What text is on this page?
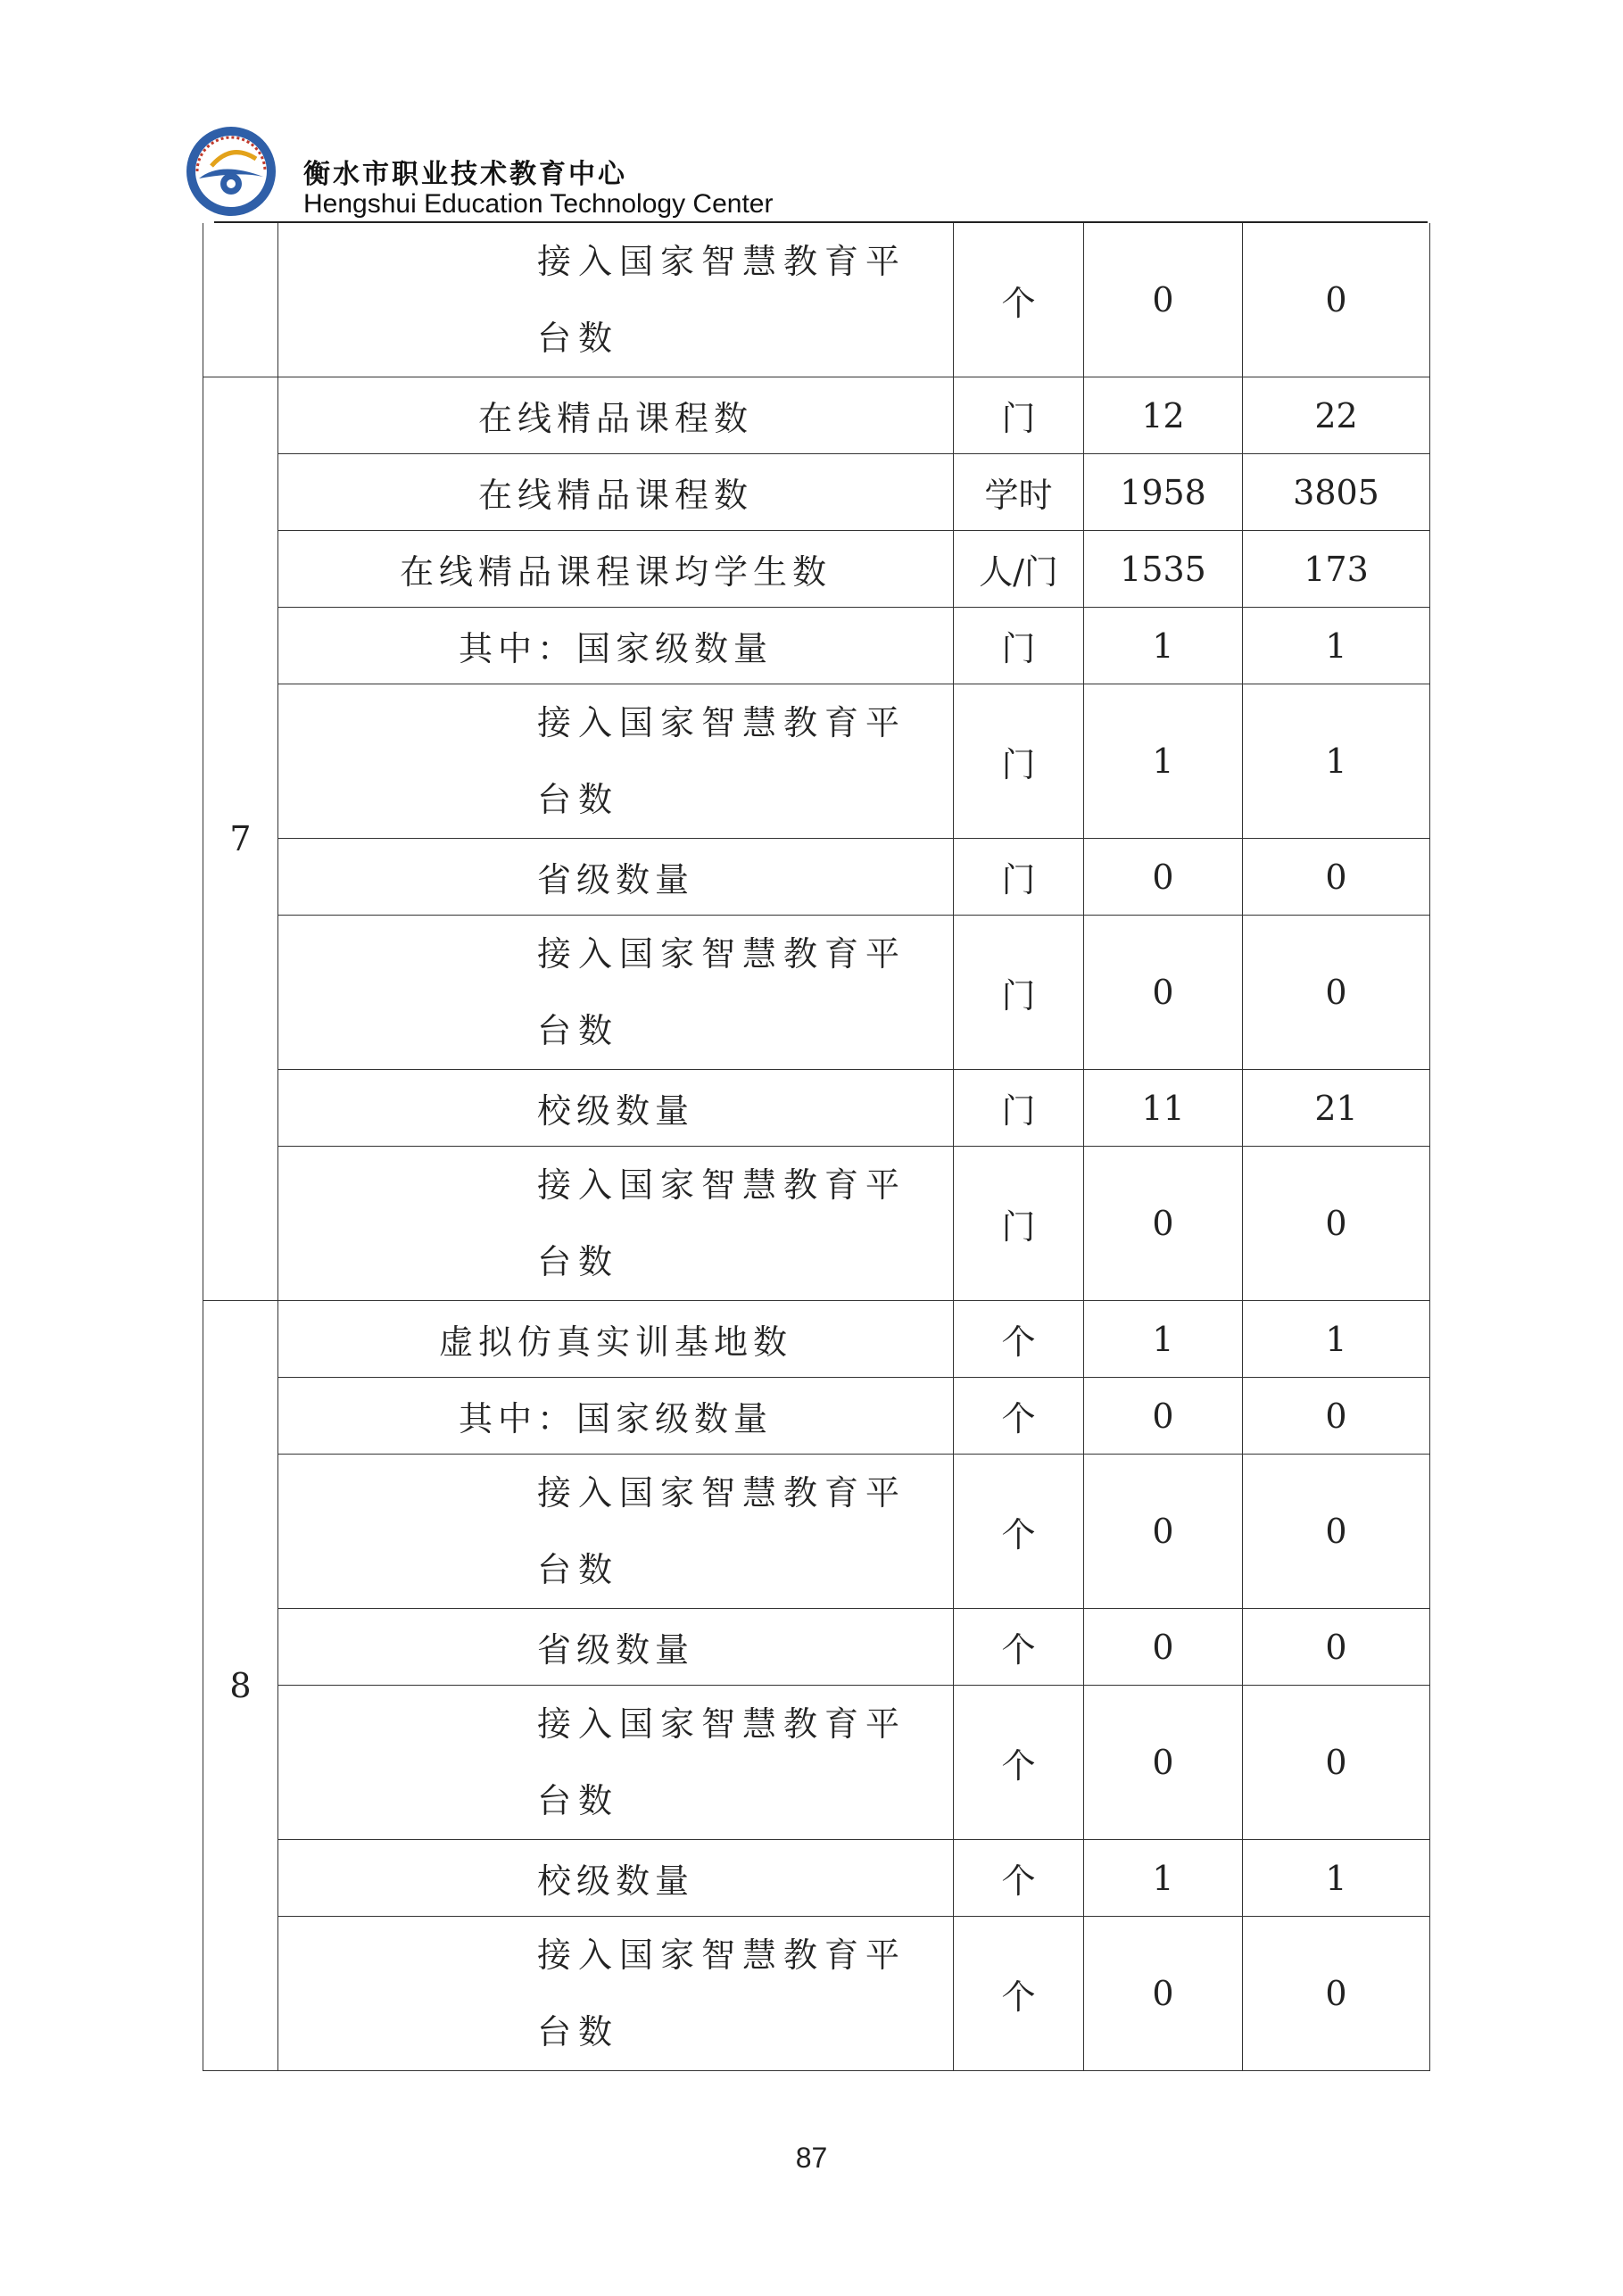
衡水市职业技术教育中心
Hengshui Education Technology Center
	接入国家智慧教育平台数	个	0	0
7	在线精品课程数	门	12	22
	在线精品课程数	学时	1958	3805
	在线精品课程课均学生数	人/门	1535	173
	其中：国家级数量	门	1	1
	接入国家智慧教育平台数	门	1	1
	省级数量	门	0	0
	接入国家智慧教育平台数	门	0	0
	校级数量	门	11	21
	接入国家智慧教育平台数	门	0	0
8	虚拟仿真实训基地数	个	1	1
	其中：国家级数量	个	0	0
	接入国家智慧教育平台数	个	0	0
	省级数量	个	0	0
	接入国家智慧教育平台数	个	0	0
	校级数量	个	1	1
	接入国家智慧教育平台数	个	0	0
87
